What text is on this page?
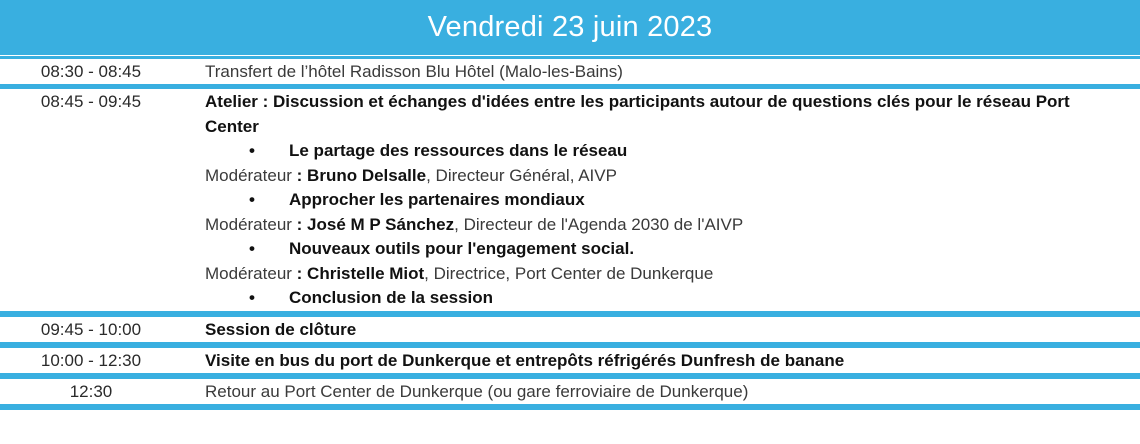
Vendredi 23 juin 2023
08:30 - 08:45	Transfert de l’hôtel Radisson Blu Hôtel (Malo-les-Bains)
08:45 - 09:45	Atelier : Discussion et échanges d'idées entre les participants autour de questions clés pour le réseau Port Center
• Le partage des ressources dans le réseau
Modérateur : Bruno Delsalle, Directeur Général, AIVP
• Approcher les partenaires mondiaux
Modérateur : José M P Sánchez, Directeur de l'Agenda 2030 de l'AIVP
• Nouveaux outils pour l'engagement social.
Modérateur : Christelle Miot, Directrice, Port Center de Dunkerque
• Conclusion de la session
09:45 - 10:00	Session de clôture
10:00 - 12:30	Visite en bus du port de Dunkerque et entrepôts réfrigérés Dunfresh de banane
12:30	Retour au Port Center de Dunkerque (ou gare ferroviaire de Dunkerque)
